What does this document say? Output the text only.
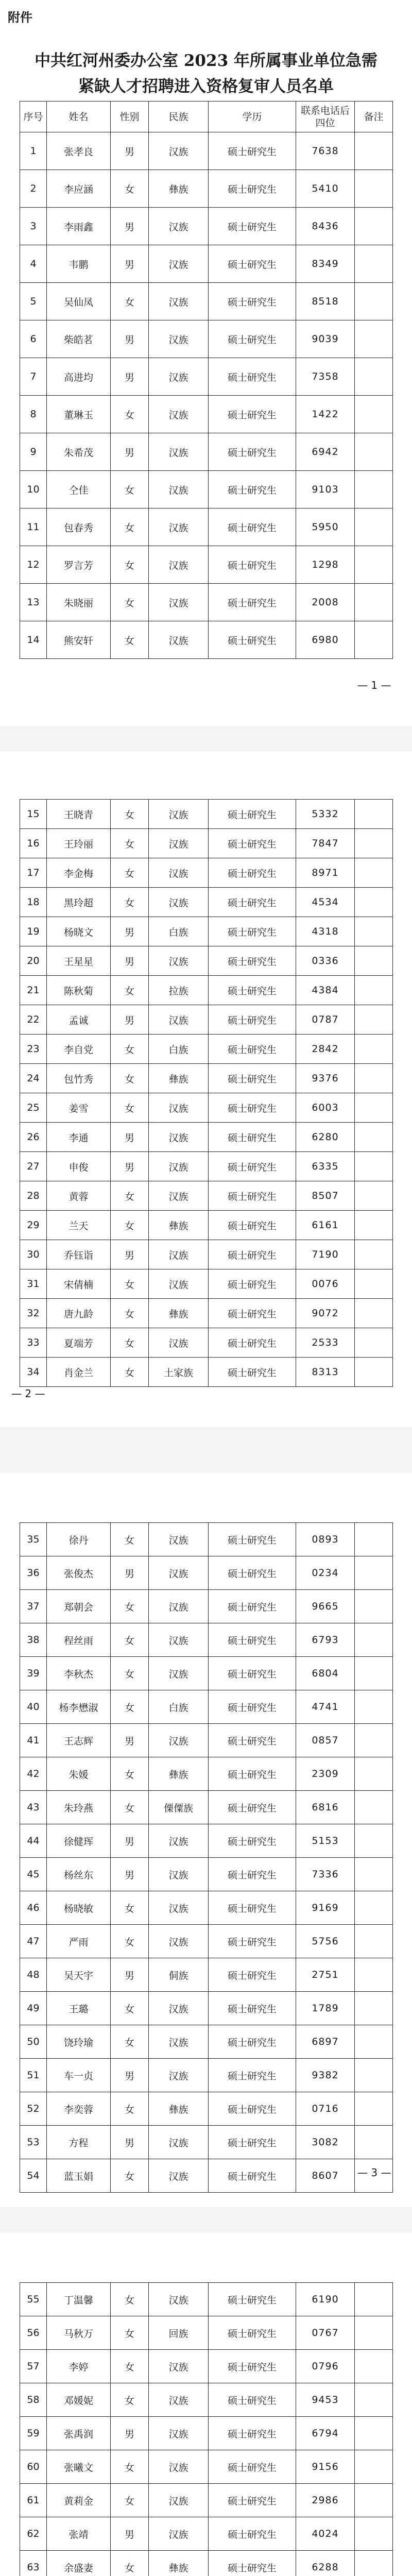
附件

中共红河州委办公室 2023 年所属事业单位急需
紧缺人才招聘进入资格复审人员名单
序号	姓名	性别	民族	学历	联系电话后四位	备注
1	张孝良	男	汉族	硕士研究生	7638	
2	李应涵	女	彝族	硕士研究生	5410	
3	李雨鑫	男	汉族	硕士研究生	8436	
4	韦鹏	男	汉族	硕士研究生	8349	
5	吴仙凤	女	汉族	硕士研究生	8518	
6	柴皓茗	男	汉族	硕士研究生	9039	
7	高进均	男	汉族	硕士研究生	7358	
8	董琳玉	女	汉族	硕士研究生	1422	
9	朱希茂	男	汉族	硕士研究生	6942	
10	仝佳	女	汉族	硕士研究生	9103	
11	包春秀	女	汉族	硕士研究生	5950	
12	罗言芳	女	汉族	硕士研究生	1298	
13	朱晓丽	女	汉族	硕士研究生	2008	
14	熊安轩	女	汉族	硕士研究生	6980	
— 1 —
15	王晓青	女	汉族	硕士研究生	5332	
16	王玲丽	女	汉族	硕士研究生	7847	
17	李金梅	女	汉族	硕士研究生	8971	
18	黑玲超	女	汉族	硕士研究生	4534	
19	杨晓文	男	白族	硕士研究生	4318	
20	王星星	男	汉族	硕士研究生	0336	
21	陈秋菊	女	拉族	硕士研究生	4384	
22	孟诚	男	汉族	硕士研究生	0787	
23	李自党	女	白族	硕士研究生	2842	
24	包竹秀	女	彝族	硕士研究生	9376	
25	姜雪	女	汉族	硕士研究生	6003	
26	李通	男	汉族	硕士研究生	6280	
27	申俊	男	汉族	硕士研究生	6335	
28	黄蓉	女	汉族	硕士研究生	8507	
29	兰天	女	彝族	硕士研究生	6161	
30	乔钰诣	男	汉族	硕士研究生	7190	
31	宋倩楠	女	汉族	硕士研究生	0076	
32	唐九龄	女	彝族	硕士研究生	9072	
33	夏端芳	女	汉族	硕士研究生	2533	
34	肖金兰	女	土家族	硕士研究生	8313	
— 2 —
35	徐丹	女	汉族	硕士研究生	0893	
36	张俊杰	男	汉族	硕士研究生	0234	
37	郑朝会	女	汉族	硕士研究生	9665	
38	程丝雨	女	汉族	硕士研究生	6793	
39	李秋杰	女	汉族	硕士研究生	6804	
40	杨李懋淑	女	白族	硕士研究生	4741	
41	王志辉	男	汉族	硕士研究生	0857	
42	朱媛	女	彝族	硕士研究生	2309	
43	朱玲燕	女	傈僳族	硕士研究生	6816	
44	徐健珲	男	汉族	硕士研究生	5153	
45	杨丝东	男	汉族	硕士研究生	7336	
46	杨晓敏	女	汉族	硕士研究生	9169	
47	严雨	女	汉族	硕士研究生	5756	
48	吴天宇	男	侗族	硕士研究生	2751	
49	王璐	女	汉族	硕士研究生	1789	
50	饶玲瑜	女	汉族	硕士研究生	6897	
51	车一贞	男	汉族	硕士研究生	9382	
52	李奕蓉	女	彝族	硕士研究生	0716	
53	方程	男	汉族	硕士研究生	3082	
54	蓝玉娟	女	汉族	硕士研究生	8607	— 3 —
55	丁温馨	女	汉族	硕士研究生	6190	
56	马秋万	女	回族	硕士研究生	0767	
57	李婷	女	汉族	硕士研究生	0796	
58	邓媛妮	女	汉族	硕士研究生	9453	
59	张禹润	男	汉族	硕士研究生	6794	
60	张曦文	女	汉族	硕士研究生	9156	
61	黄莉金	女	汉族	硕士研究生	2986	
62	张靖	男	汉族	硕士研究生	4024	
63	余盛妻	女	彝族	硕士研究生	6288	
